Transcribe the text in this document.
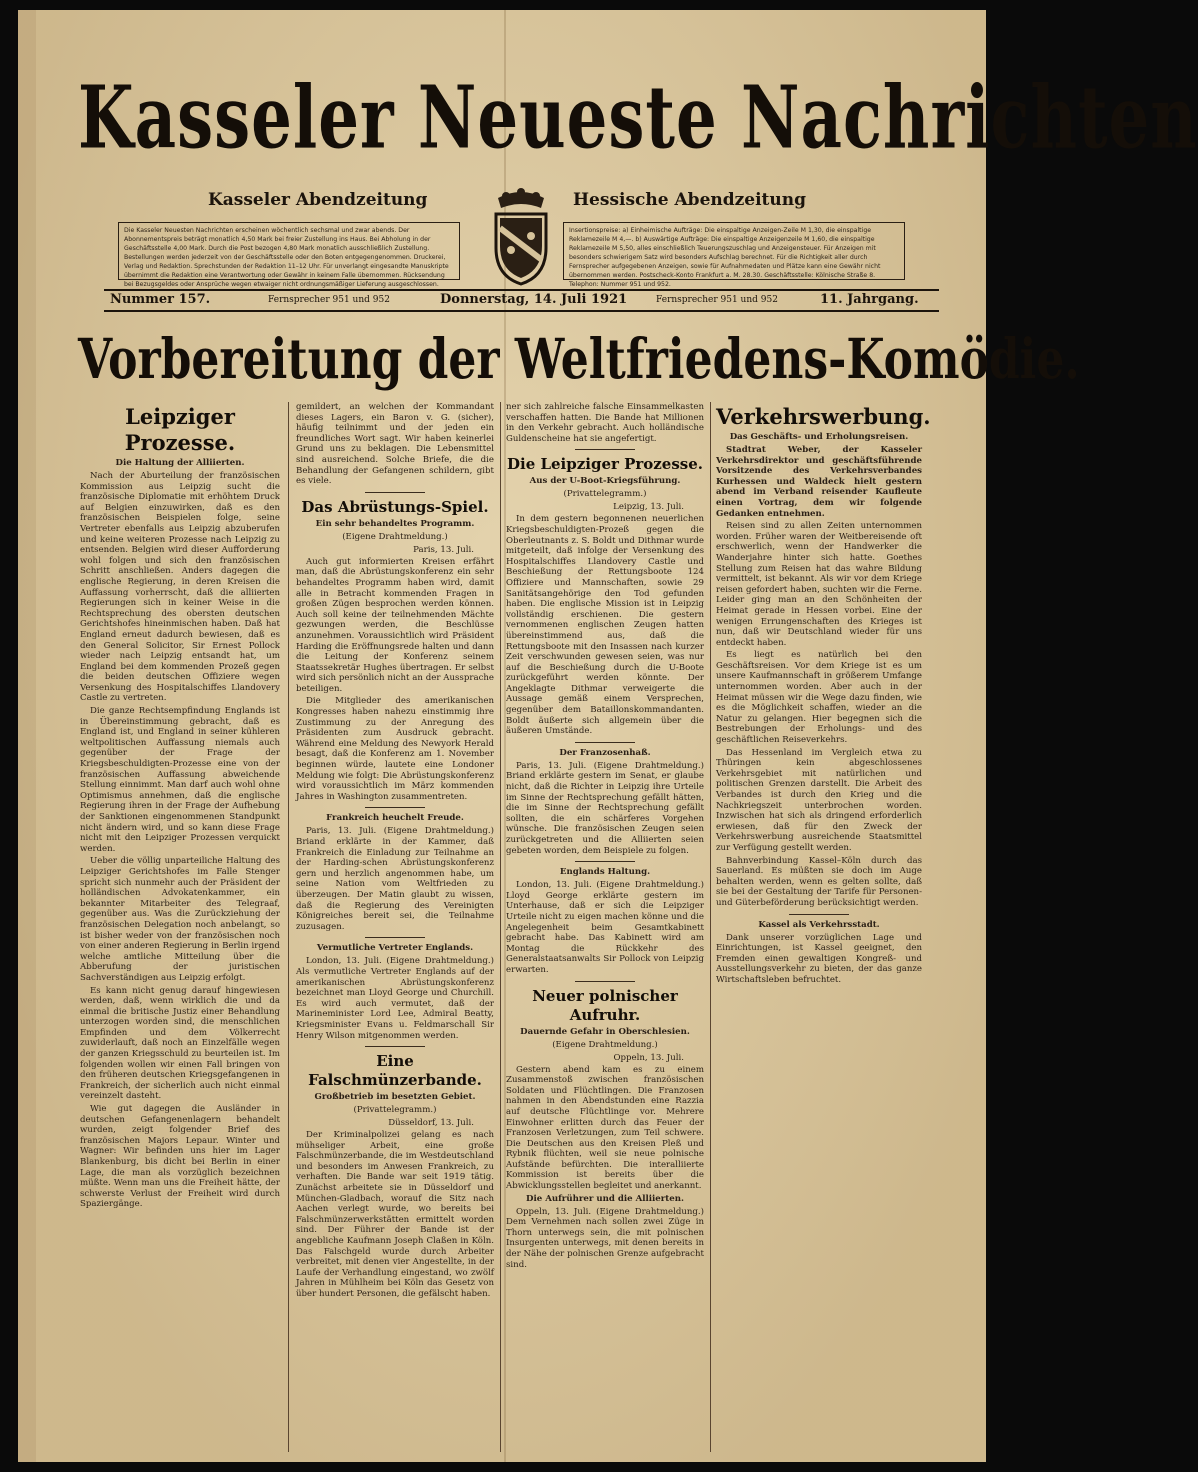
Kasseler Neueste Nachrichten
Kasseler Abendzeitung	Hessische Abendzeitung
Die Kasseler Neuesten Nachrichten erscheinen wöchentlich sechsmal und zwar abends. Der Abonnementspreis beträgt monatlich 4,50 Mark bei freier Zustellung ins Haus. Bei Abholung in der Geschäftsstelle 4,00 Mark. Durch die Post bezogen 4,80 Mark monatlich ausschließlich Zustellung. Bestellungen werden jederzeit von der Geschäftsstelle oder den Boten entgegengenommen. Druckerei, Verlag und Redaktion. Sprechstunden der Redaktion 11–12 Uhr. Für unverlangt eingesandte Manuskripte übernimmt die Redaktion eine Verantwortung oder Gewähr in keinem Falle übernommen. Rücksendung bei Bezugsgeldes oder Ansprüche wegen etwaiger nicht ordnungsmäßiger Lieferung ausgeschlossen.
Insertionspreise: a) Einheimische Aufträge: Die einspaltige Anzeigen-Zeile M 1,30, die einspaltige Reklamezeile M 4,—. b) Auswärtige Aufträge: Die einspaltige Anzeigenzeile M 1,60, die einspaltige Reklamezeile M 5,50, alles einschließlich Teuerungszuschlag und Anzeigensteuer. Für Anzeigen mit besonders schwierigem Satz wird besonders Aufschlag berechnet. Für die Richtigkeit aller durch Fernsprecher aufgegebenen Anzeigen, sowie für Aufnahmedaten und Plätze kann eine Gewähr nicht übernommen werden. Postscheck-Konto Frankfurt a. M. 28.30. Geschäftsstelle: Kölnische Straße 8. Telephon: Nummer 951 und 952.
Nummer 157.	Fernsprecher 951 und 952	Donnerstag, 14. Juli 1921	Fernsprecher 951 und 952	11. Jahrgang.
Vorbereitung der Weltfriedens-Komödie.
Leipziger Prozesse.
Die Haltung der Alliierten.

Nach der Aburteilung der französischen Kommission aus Leipzig sucht die französische Diplomatie mit erhöhtem Druck auf Belgien einzuwirken, daß es den französischen Beispielen folge, seine Vertreter ebenfalls aus Leipzig abzuberufen und keine weiteren Prozesse nach Leipzig zu entsenden. Belgien wird dieser Aufforderung wohl folgen und sich den französischen Schritt anschließen. Anders dagegen die englische Regierung, in deren Kreisen die Auffassung vorherrscht, daß die alliierten Regierungen sich in keiner Weise in die Rechtsprechung des obersten deutschen Gerichtshofes hineinmischen haben. Daß hat England erneut dadurch bewiesen, daß es den General Solicitor, Sir Ernest Pollock wieder nach Leipzig entsandt hat, um England bei dem kommenden Prozeß gegen die beiden deutschen Offiziere wegen Versenkung des Hospitalschiffes Llandovery Castle zu vertreten.

Die ganze Rechtsempfindung Englands ist in Übereinstimmung gebracht, daß es England ist, und England in seiner kühleren weltpolitischen Auffassung niemals auch gegenüber der Frage der Kriegsbeschuldigten-Prozesse eine von der französischen Auffassung abweichende Stellung einnimmt. Man darf auch wohl ohne Optimismus annehmen, daß die englische Regierung ihren in der Frage der Aufhebung der Sanktionen eingenommenen Standpunkt nicht ändern wird, und so kann diese Frage nicht mit den Leipziger Prozessen verquickt werden.

Ueber die völlig unparteiliche Haltung des Leipziger Gerichtshofes im Falle Stenger spricht sich nunmehr auch der Präsident der holländischen Advokatenkammer, ein bekannter Mitarbeiter des Telegraaf, gegenüber aus. Was die Zurückziehung der französischen Delegation noch anbelangt, so ist bisher weder von der französischen noch von einer anderen Regierung in Berlin irgend welche amtliche Mitteilung über die Abberufung der juristischen Sachverständigen aus Leipzig erfolgt.

Es kann nicht genug darauf hingewiesen werden, daß, wenn wirklich die und da einmal die britische Justiz einer Behandlung unterzogen worden sind, die menschlichen Empfinden und dem Völkerrecht zuwiderlauft, daß noch an Einzelfälle wegen der ganzen Kriegsschuld zu beurteilen ist. Im folgenden wollen wir einen Fall bringen von den früheren deutschen Kriegsgefangenen in Frankreich, der sicherlich auch nicht einmal vereinzelt dasteht.

Wie gut dagegen die Ausländer in deutschen Gefangenenlagern behandelt wurden, zeigt folgender Brief des französischen Majors Lepaur. Winter und Wagner: Wir befinden uns hier im Lager Blankenburg, bis dicht bei Berlin in einer Lage, die man als vorzüglich bezeichnen müßte. Wenn man uns die Freiheit hätte, der schwerste Verlust der Freiheit wird durch Spaziergänge.

gemildert, an welchen der Kommandant dieses Lagers, ein Baron v. G. (sicher), häufig teilnimmt und der jeden ein freundliches Wort sagt. Wir haben keinerlei Grund uns zu beklagen. Die Lebensmittel sind ausreichend. Solche Briefe, die die Behandlung der Gefangenen schildern, gibt es viele.

Das Abrüstungs-Spiel.
Ein sehr behandeltes Programm.
(Eigene Drahtmeldung.)
Paris, 13. Juli.

Auch gut informierten Kreisen erfährt man, daß die Abrüstungskonferenz ein sehr behandeltes Programm haben wird, damit alle in Betracht kommenden Fragen in großen Zügen besprochen werden können. Auch soll keine der teilnehmenden Mächte gezwungen werden, die Beschlüsse anzunehmen. Voraussichtlich wird Präsident Harding die Eröffnungsrede halten und dann die Leitung der Konferenz seinem Staatssekretär Hughes übertragen. Er selbst wird sich persönlich nicht an der Aussprache beteiligen.

Die Mitglieder des amerikanischen Kongresses haben nahezu einstimmig ihre Zustimmung zu der Anregung des Präsidenten zum Ausdruck gebracht. Während eine Meldung des Newyork Herald besagt, daß die Konferenz am 1. November beginnen würde, lautete eine Londoner Meldung wie folgt: Die Abrüstungskonferenz wird voraussichtlich im März kommenden Jahres in Washington zusammentreten.

Frankreich heuchelt Freude.

Paris, 13. Juli. (Eigene Drahtmeldung.) Briand erklärte in der Kammer, daß Frankreich die Einladung zur Teilnahme an der Harding-schen Abrüstungskonferenz gern und herzlich angenommen habe, um seine Nation vom Weltfrieden zu überzeugen. Der Matin glaubt zu wissen, daß die Regierung des Vereinigten Königreiches bereit sei, die Teilnahme zuzusagen.

Vermutliche Vertreter Englands.

London, 13. Juli. (Eigene Drahtmeldung.) Als vermutliche Vertreter Englands auf der amerikanischen Abrüstungskonferenz bezeichnet man Lloyd George und Churchill. Es wird auch vermutet, daß der Marineminister Lord Lee, Admiral Beatty, Kriegsminister Evans u. Feldmarschall Sir Henry Wilson mitgenommen werden.

Eine Falschmünzerbande.
Großbetrieb im besetzten Gebiet.
(Privattelegramm.)
Düsseldorf, 13. Juli.

Der Kriminalpolizei gelang es nach mühseliger Arbeit, eine große Falschmünzerbande, die im Westdeutschland und besonders im Anwesen Frankreich, zu verhaften. Die Bande war seit 1919 tätig. Zunächst arbeitete sie in Düsseldorf und München-Gladbach, worauf die Sitz nach Aachen verlegt wurde, wo bereits bei Falschmünzerwerkstätten ermittelt worden sind. Der Führer der Bande ist der angebliche Kaufmann Joseph Claßen in Köln. Das Falschgeld wurde durch Arbeiter verbreitet, mit denen vier Angestellte, in der Laufe der Verhandlung eingestand, wo zwölf Jahren in Mühlheim bei Köln das Gesetz von über hundert Personen, die gefälscht haben.

ner sich zahlreiche falsche Einsammelkasten verschaffen hatten. Die Bande hat Millionen in den Verkehr gebracht. Auch holländische Guldenscheine hat sie angefertigt.

Die Leipziger Prozesse.
Aus der U-Boot-Kriegsführung.
(Privattelegramm.)
Leipzig, 13. Juli.

In dem gestern begonnenen neuerlichen Kriegsbeschuldigten-Prozeß gegen die Oberleutnants z. S. Boldt und Dithmar wurde mitgeteilt, daß infolge der Versenkung des Hospitalschiffes Llandovery Castle und Beschießung der Rettungsboote 124 Offiziere und Mannschaften, sowie 29 Sanitätsangehörige den Tod gefunden haben. Die englische Mission ist in Leipzig vollständig erschienen. Die gestern vernommenen englischen Zeugen hatten übereinstimmend aus, daß die Rettungsboote mit den Insassen nach kurzer Zeit verschwunden gewesen seien, was nur auf die Beschießung durch die U-Boote zurückgeführt werden könnte. Der Angeklagte Dithmar verweigerte die Aussage gemäß einem Versprechen, gegenüber dem Bataillonskommandanten. Boldt äußerte sich allgemein über die äußeren Umstände.

Der Franzosenhaß.

Paris, 13. Juli. (Eigene Drahtmeldung.) Briand erklärte gestern im Senat, er glaube nicht, daß die Richter in Leipzig ihre Urteile im Sinne der Rechtsprechung gefällt hätten, die im Sinne der Rechtsprechung gefällt sollten, die ein schärferes Vorgehen wünsche. Die französischen Zeugen seien zurückgetreten und die Alliierten seien gebeten worden, dem Beispiele zu folgen.

Englands Haltung.

London, 13. Juli. (Eigene Drahtmeldung.) Lloyd George erklärte gestern im Unterhause, daß er sich die Leipziger Urteile nicht zu eigen machen könne und die Angelegenheit beim Gesamtkabinett gebracht habe. Das Kabinett wird am Montag die Rückkehr des Generalstaatsanwalts Sir Pollock von Leipzig erwarten.

Neuer polnischer Aufruhr.
Dauernde Gefahr in Oberschlesien.
(Eigene Drahtmeldung.)
Oppeln, 13. Juli.

Gestern abend kam es zu einem Zusammenstoß zwischen französischen Soldaten und Flüchtlingen. Die Franzosen nahmen in den Abendstunden eine Razzia auf deutsche Flüchtlinge vor. Mehrere Einwohner erlitten durch das Feuer der Franzosen Verletzungen, zum Teil schwere. Die Deutschen aus den Kreisen Pleß und Rybnik flüchten, weil sie neue polnische Aufstände befürchten. Die interalliierte Kommission ist bereits über die Abwicklungsstellen begleitet und anerkannt.

Die Aufrührer und die Alliierten.

Oppeln, 13. Juli. (Eigene Drahtmeldung.) Dem Vernehmen nach sollen zwei Züge in Thorn unterwegs sein, die mit polnischen Insurgenten unterwegs, mit denen bereits in der Nähe der polnischen Grenze aufgebracht sind.

Verkehrswerbung.
Das Geschäfts- und Erholungsreisen.

Stadtrat Weber, der Kasseler Verkehrsdirektor und geschäftsführende Vorsitzende des Verkehrsverbandes Kurhessen und Waldeck hielt gestern abend im Verband reisender Kaufleute einen Vortrag, dem wir folgende Gedanken entnehmen.

Reisen sind zu allen Zeiten unternommen worden. Früher waren der Weitbereisende oft erschwerlich, wenn der Handwerker die Wanderjahre hinter sich hatte. Goethes Stellung zum Reisen hat das wahre Bildung vermittelt, ist bekannt. Als wir vor dem Kriege reisen gefordert haben, suchten wir die Ferne. Leider ging man an den Schönheiten der Heimat gerade in Hessen vorbei. Eine der wenigen Errungenschaften des Krieges ist nun, daß wir Deutschland wieder für uns entdeckt haben.

Es liegt es natürlich bei den Geschäftsreisen. Vor dem Kriege ist es um unsere Kaufmannschaft in größerem Umfange unternommen worden. Aber auch in der Heimat müssen wir die Wege dazu finden, wie es die Möglichkeit schaffen, wieder an die Natur zu gelangen. Hier begegnen sich die Bestrebungen der Erholungs- und des geschäftlichen Reiseverkehrs.

Das Hessenland im Vergleich etwa zu Thüringen kein abgeschlossenes Verkehrsgebiet mit natürlichen und politischen Grenzen darstellt. Die Arbeit des Verbandes ist durch den Krieg und die Nachkriegszeit unterbrochen worden. Inzwischen hat sich als dringend erforderlich erwiesen, daß für den Zweck der Verkehrswerbung ausreichende Staatsmittel zur Verfügung gestellt werden.

Bahnverbindung Kassel–Köln durch das Sauerland. Es müßten sie doch im Auge behalten werden, wenn es gelten sollte, daß sie bei der Gestaltung der Tarife für Personen- und Güterbeförderung berücksichtigt werden.

Kassel als Verkehrsstadt.

Dank unserer vorzüglichen Lage und Einrichtungen, ist Kassel geeignet, den Fremden einen gewaltigen Kongreß- und Ausstellungsverkehr zu bieten, der das ganze Wirtschaftsleben befruchtet.
